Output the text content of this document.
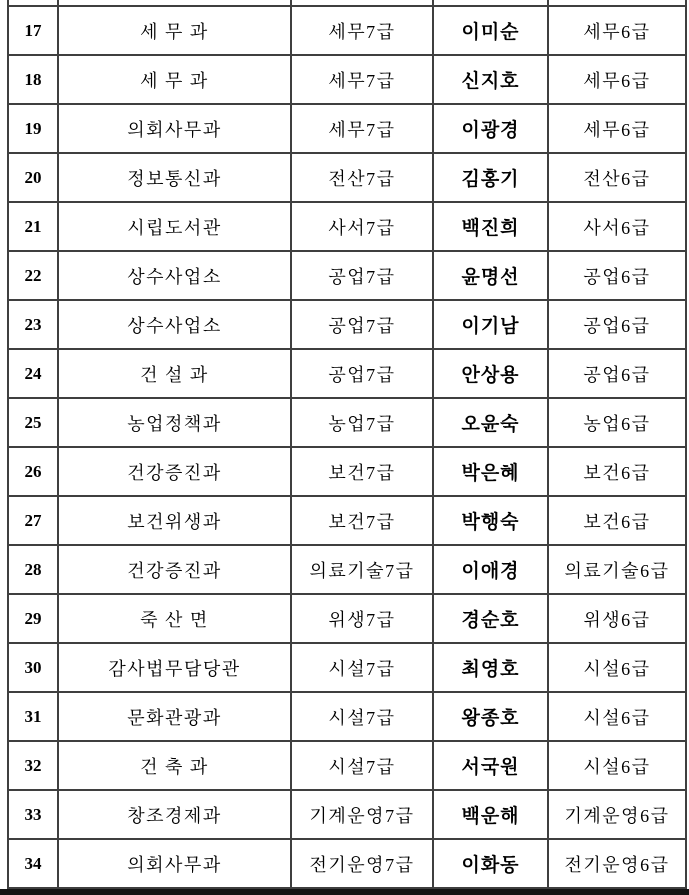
17	세 무 과	세무7급	이미순	세무6급
18	세 무 과	세무7급	신지호	세무6급
19	의회사무과	세무7급	이광경	세무6급
20	정보통신과	전산7급	김홍기	전산6급
21	시립도서관	사서7급	백진희	사서6급
22	상수사업소	공업7급	윤명선	공업6급
23	상수사업소	공업7급	이기남	공업6급
24	건 설 과	공업7급	안상용	공업6급
25	농업정책과	농업7급	오윤숙	농업6급
26	건강증진과	보건7급	박은혜	보건6급
27	보건위생과	보건7급	박행숙	보건6급
28	건강증진과	의료기술7급	이애경	의료기술6급
29	죽 산 면	위생7급	경순호	위생6급
30	감사법무담당관	시설7급	최영호	시설6급
31	문화관광과	시설7급	왕종호	시설6급
32	건 축 과	시설7급	서국원	시설6급
33	창조경제과	기계운영7급	백운해	기계운영6급
34	의회사무과	전기운영7급	이화동	전기운영6급
